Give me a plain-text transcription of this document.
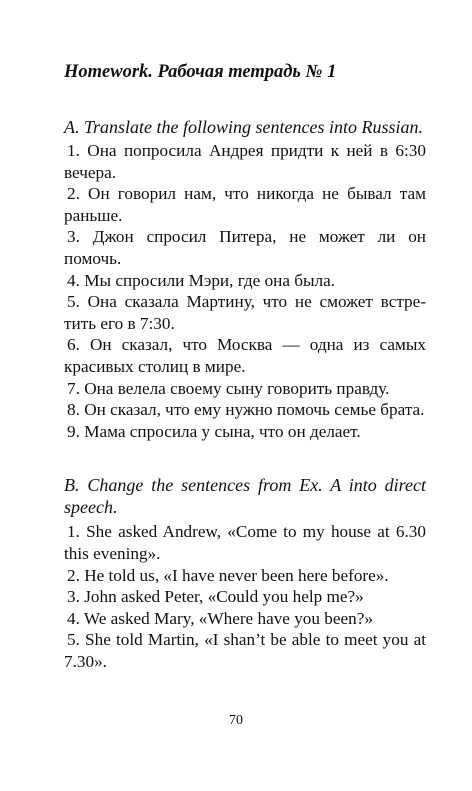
Homework. Рабочая тетрадь № 1

A. Translate the following sentences into Russian.

1. Она попросила Андрея придти к ней в 6:30 вечера.

2. Он говорил нам, что никогда не бывал там раньше.

3. Джон спросил Питера, не может ли он помочь.

4. Мы спросили Мэри, где она была.

5. Она сказала Мартину, что не сможет встре-тить его в 7:30.

6. Он сказал, что Москва — одна из самых красивых столиц в мире.

7. Она велела своему сыну говорить правду.

8. Он сказал, что ему нужно помочь семье брата.

9. Мама спросила у сына, что он делает.

B. Change the sentences from Ex. A into direct speech.

1. She asked Andrew, «Come to my house at 6.30 this evening».

2. He told us, «I have never been here before».

3. John asked Peter, «Could you help me?»

4. We asked Mary, «Where have you been?»

5. She told Martin, «I shan’t be able to meet you at 7.30».

70
